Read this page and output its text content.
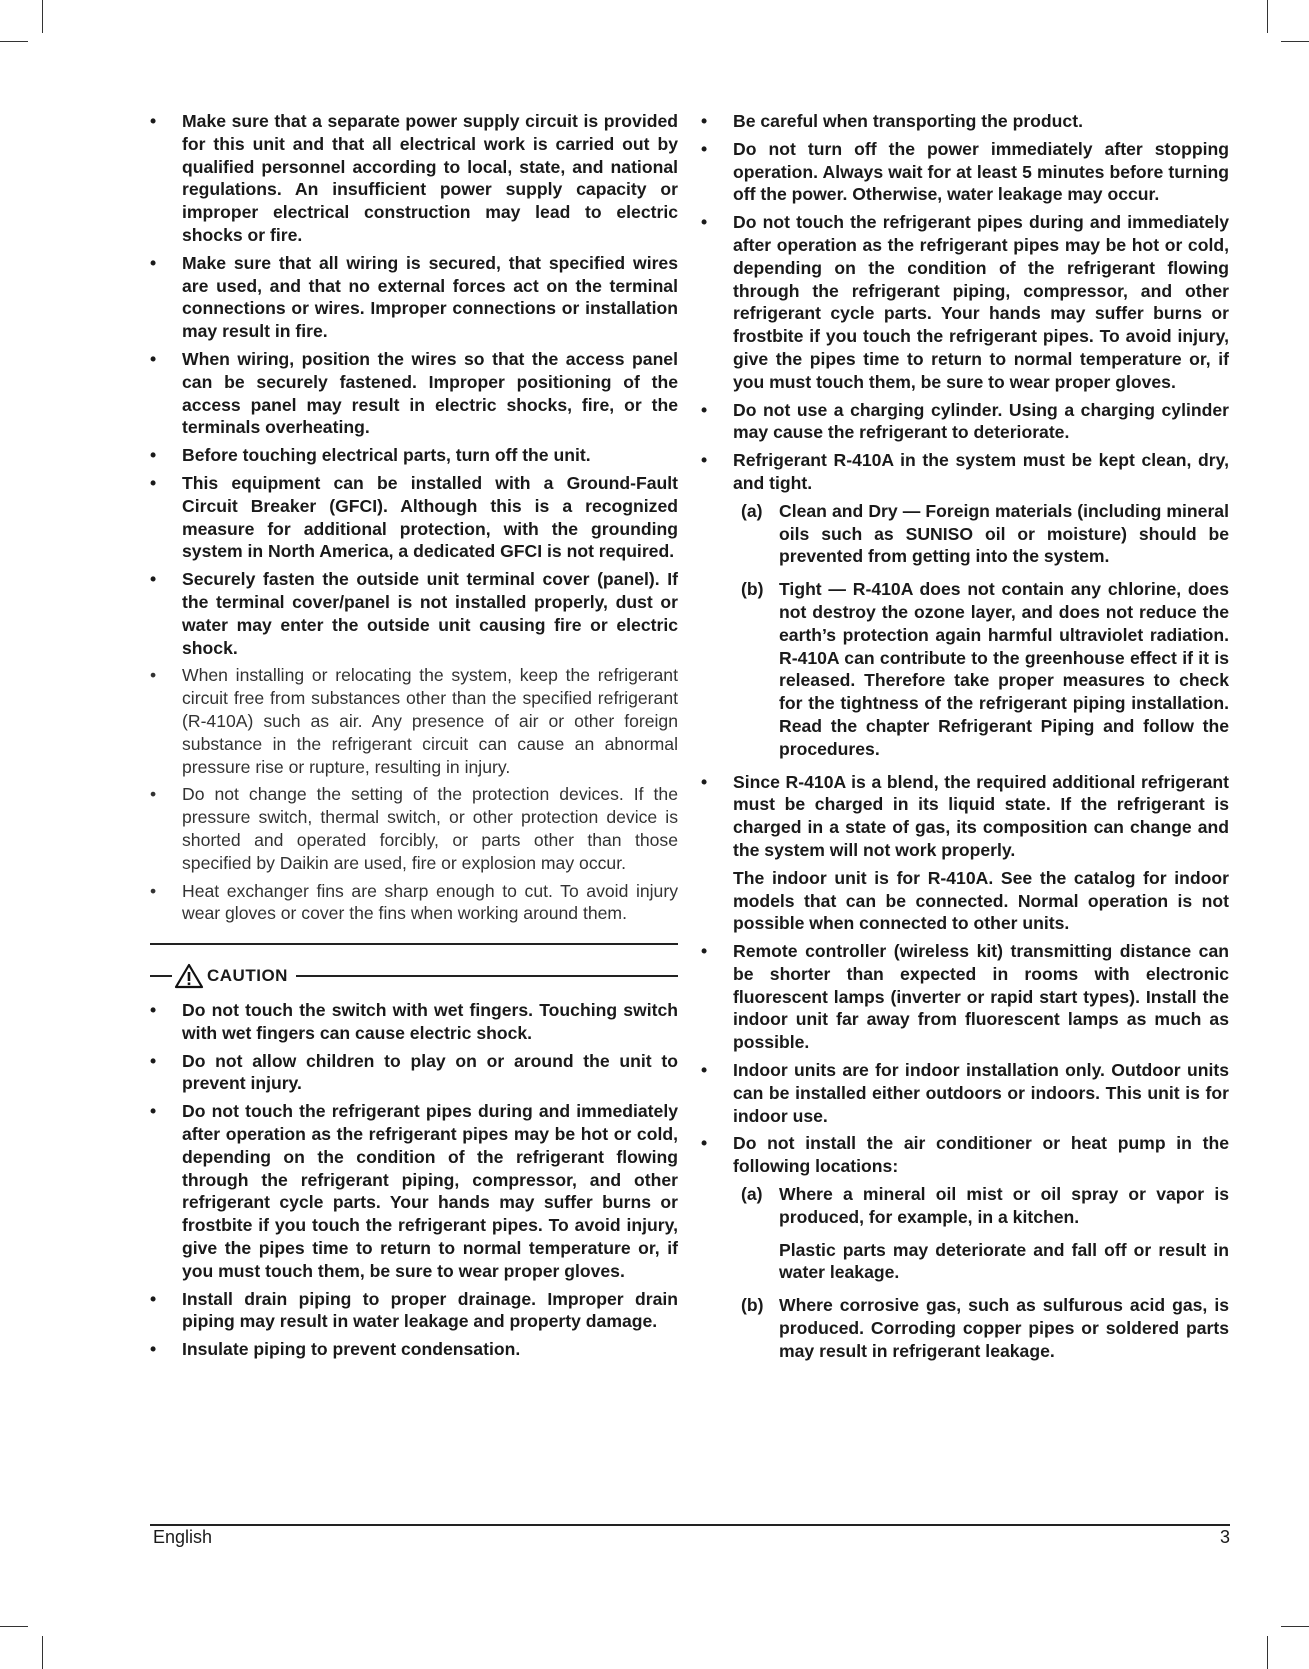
• Make sure that a separate power supply circuit is provided for this unit and that all electrical work is carried out by qualified personnel according to local, state, and national regulations. An insufficient power supply capacity or improper electrical construction may lead to electric shocks or fire.
• Make sure that all wiring is secured, that specified wires are used, and that no external forces act on the terminal connections or wires. Improper connections or installation may result in fire.
• When wiring, position the wires so that the access panel can be securely fastened. Improper positioning of the access panel may result in electric shocks, fire, or the terminals overheating.
• Before touching electrical parts, turn off the unit.
• This equipment can be installed with a Ground-Fault Circuit Breaker (GFCI). Although this is a recognized measure for additional protection, with the grounding system in North America, a dedicated GFCI is not required.
• Securely fasten the outside unit terminal cover (panel). If the terminal cover/panel is not installed properly, dust or water may enter the outside unit causing fire or electric shock.
• When installing or relocating the system, keep the refrigerant circuit free from substances other than the specified refrigerant (R-410A) such as air. Any presence of air or other foreign substance in the refrigerant circuit can cause an abnormal pressure rise or rupture, resulting in injury.
• Do not change the setting of the protection devices. If the pressure switch, thermal switch, or other protection device is shorted and operated forcibly, or parts other than those specified by Daikin are used, fire or explosion may occur.
• Heat exchanger fins are sharp enough to cut. To avoid injury wear gloves or cover the fins when working around them.
CAUTION
• Do not touch the switch with wet fingers. Touching switch with wet fingers can cause electric shock.
• Do not allow children to play on or around the unit to prevent injury.
• Do not touch the refrigerant pipes during and immediately after operation as the refrigerant pipes may be hot or cold, depending on the condition of the refrigerant flowing through the refrigerant piping, compressor, and other refrigerant cycle parts. Your hands may suffer burns or frostbite if you touch the refrigerant pipes. To avoid injury, give the pipes time to return to normal temperature or, if you must touch them, be sure to wear proper gloves.
• Install drain piping to proper drainage. Improper drain piping may result in water leakage and property damage.
• Insulate piping to prevent condensation.
• Be careful when transporting the product.
• Do not turn off the power immediately after stopping operation. Always wait for at least 5 minutes before turning off the power. Otherwise, water leakage may occur.
• Do not touch the refrigerant pipes during and immediately after operation as the refrigerant pipes may be hot or cold, depending on the condition of the refrigerant flowing through the refrigerant piping, compressor, and other refrigerant cycle parts. Your hands may suffer burns or frostbite if you touch the refrigerant pipes. To avoid injury, give the pipes time to return to normal temperature or, if you must touch them, be sure to wear proper gloves.
• Do not use a charging cylinder. Using a charging cylinder may cause the refrigerant to deteriorate.
• Refrigerant R-410A in the system must be kept clean, dry, and tight.
(a) Clean and Dry — Foreign materials (including mineral oils such as SUNISO oil or moisture) should be prevented from getting into the system.
(b) Tight — R-410A does not contain any chlorine, does not destroy the ozone layer, and does not reduce the earth’s protection again harmful ultraviolet radiation. R-410A can contribute to the greenhouse effect if it is released. Therefore take proper measures to check for the tightness of the refrigerant piping installation. Read the chapter Refrigerant Piping and follow the procedures.
• Since R-410A is a blend, the required additional refrigerant must be charged in its liquid state. If the refrigerant is charged in a state of gas, its composition can change and the system will not work properly.
The indoor unit is for R-410A. See the catalog for indoor models that can be connected. Normal operation is not possible when connected to other units.
• Remote controller (wireless kit) transmitting distance can be shorter than expected in rooms with electronic fluorescent lamps (inverter or rapid start types). Install the indoor unit far away from fluorescent lamps as much as possible.
• Indoor units are for indoor installation only. Outdoor units can be installed either outdoors or indoors. This unit is for indoor use.
• Do not install the air conditioner or heat pump in the following locations:
(a) Where a mineral oil mist or oil spray or vapor is produced, for example, in a kitchen.
Plastic parts may deteriorate and fall off or result in water leakage.
(b) Where corrosive gas, such as sulfurous acid gas, is produced. Corroding copper pipes or soldered parts may result in refrigerant leakage.
English	3
